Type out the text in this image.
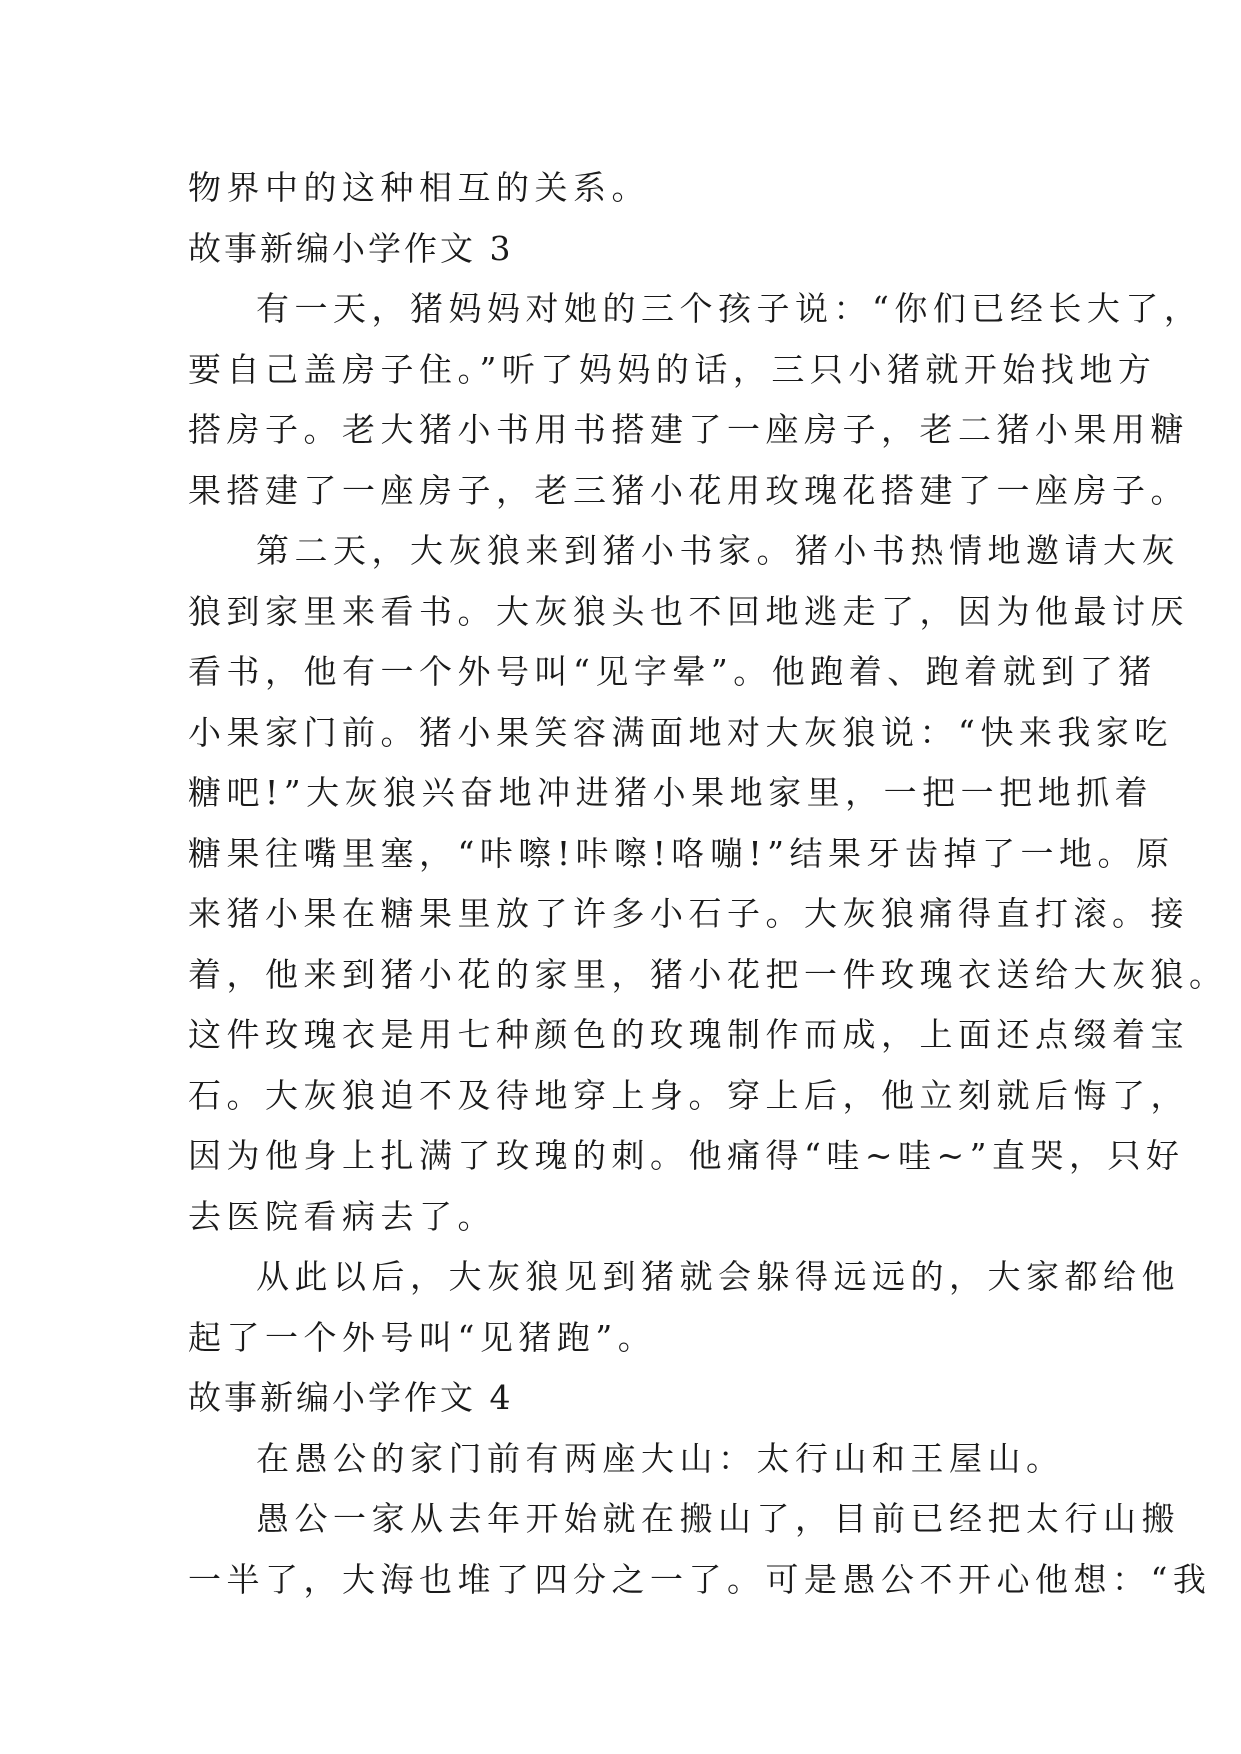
物界中的这种相互的关系。
故事新编小学作文 3
有一天，猪妈妈对她的三个孩子说：“你们已经长大了，
要自己盖房子住。”听了妈妈的话，三只小猪就开始找地方
搭房子。老大猪小书用书搭建了一座房子，老二猪小果用糖
果搭建了一座房子，老三猪小花用玫瑰花搭建了一座房子。
第二天，大灰狼来到猪小书家。猪小书热情地邀请大灰
狼到家里来看书。大灰狼头也不回地逃走了，因为他最讨厌
看书，他有一个外号叫“见字晕”。他跑着、跑着就到了猪
小果家门前。猪小果笑容满面地对大灰狼说：“快来我家吃
糖吧!”大灰狼兴奋地冲进猪小果地家里，一把一把地抓着
糖果往嘴里塞，“咔嚓!咔嚓!咯嘣!”结果牙齿掉了一地。原
来猪小果在糖果里放了许多小石子。大灰狼痛得直打滚。接
着，他来到猪小花的家里，猪小花把一件玫瑰衣送给大灰狼。
这件玫瑰衣是用七种颜色的玫瑰制作而成，上面还点缀着宝
石。大灰狼迫不及待地穿上身。穿上后，他立刻就后悔了，
因为他身上扎满了玫瑰的刺。他痛得“哇~哇~”直哭，只好
去医院看病去了。
从此以后，大灰狼见到猪就会躲得远远的，大家都给他
起了一个外号叫“见猪跑”。
故事新编小学作文 4
在愚公的家门前有两座大山：太行山和王屋山。
愚公一家从去年开始就在搬山了，目前已经把太行山搬
一半了，大海也堆了四分之一了。可是愚公不开心他想：“我
